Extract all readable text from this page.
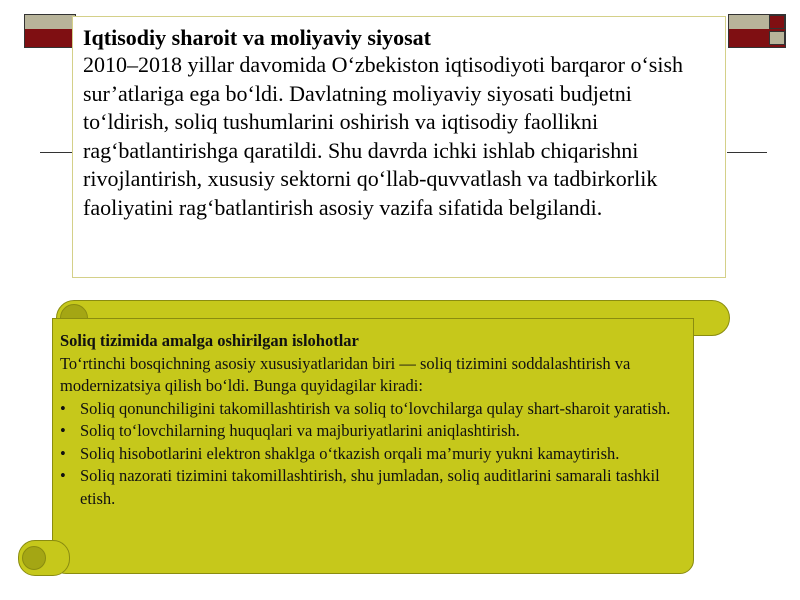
Iqtisodiy sharoit va moliyaviy siyosat
2010–2018 yillar davomida O‘zbekiston iqtisodiyoti barqaror o‘sish sur’atlariga ega bo‘ldi. Davlatning moliyaviy siyosati budjetni to‘ldirish, soliq tushumlarini oshirish va iqtisodiy faollikni rag‘batlantirishga qaratildi. Shu davrda ichki ishlab chiqarishni rivojlantirish, xususiy sektorni qo‘llab-quvvatlash va tadbirkorlik faoliyatini rag‘batlantirish asosiy vazifa sifatida belgilandi.
Soliq tizimida amalga oshirilgan islohotlar
To‘rtinchi bosqichning asosiy xususiyatlaridan biri — soliq tizimini soddalashtirish va modernizatsiya qilish bo‘ldi. Bunga quyidagilar kiradi:
• Soliq qonunchiligini takomillashtirish va soliq to‘lovchilarga qulay shart-sharoit yaratish.
• Soliq to‘lovchilarning huquqlari va majburiyatlarini aniqlashtirish.
• Soliq hisobotlarini elektron shaklga o‘tkazish orqali ma’muriy yukni kamaytirish.
• Soliq nazorati tizimini takomillashtirish, shu jumladan, soliq auditlarini samarali tashkil etish.
